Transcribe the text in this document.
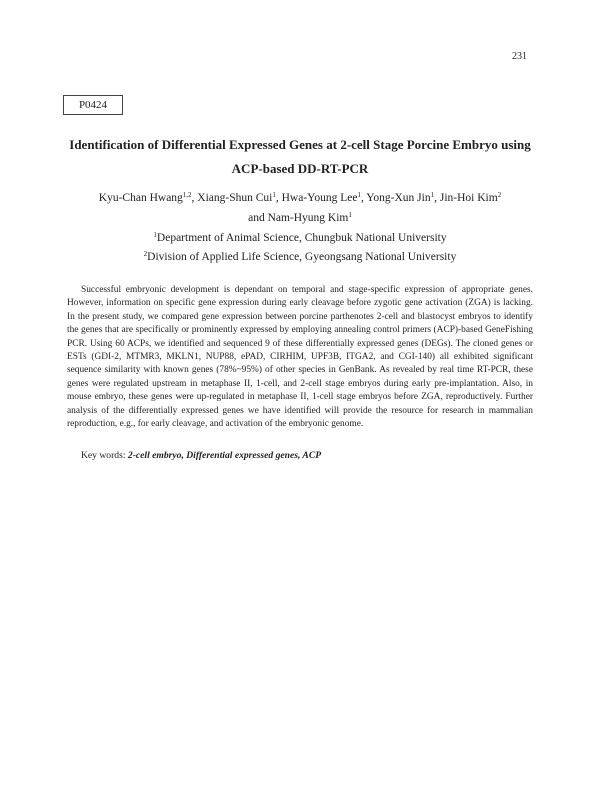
231
P0424
Identification of Differential Expressed Genes at 2-cell Stage Porcine Embryo using
ACP-based DD-RT-PCR
Kyu-Chan Hwang$^{1,2}$, Xiang-Shun Cui$^1$, Hwa-Young Lee$^1$, Yong-Xun Jin$^1$, Jin-Hoi Kim$^2$
and Nam-Hyung Kim$^1$
$^1$Department of Animal Science, Chungbuk National University
$^2$Division of Applied Life Science, Gyeongsang National University

Successful embryonic development is dependant on temporal and stage-specific expression of appropriate genes. However, information on specific gene expression during early cleavage before zygotic gene activation (ZGA) is lacking. In the present study, we compared gene expression between porcine parthenotes 2-cell and blastocyst embryos to identify the genes that are specifically or prominently expressed by employing annealing control primers (ACP)-based GeneFishing PCR. Using 60 ACPs, we identified and sequenced 9 of these differentially expressed genes (DEGs). The cloned genes or ESTs (GDI-2, MTMR3, MKLN1, NUP88, ePAD, CIRHIM, UPF3B, ITGA2, and CGI-140) all exhibited significant sequence similarity with known genes (78%~95%) of other species in GenBank. As revealed by real time RT-PCR, these genes were regulated upstream in metaphase II, 1-cell, and 2-cell stage embryos during early pre-implantation. Also, in mouse embryo, these genes were up-regulated in metaphase II, 1-cell stage embryos before ZGA, reproductively. Further analysis of the differentially expressed genes we have identified will provide the resource for research in mammalian reproduction, e.g., for early cleavage, and activation of the embryonic genome.

Key words: 2-cell embryo, Differential expressed genes, ACP
